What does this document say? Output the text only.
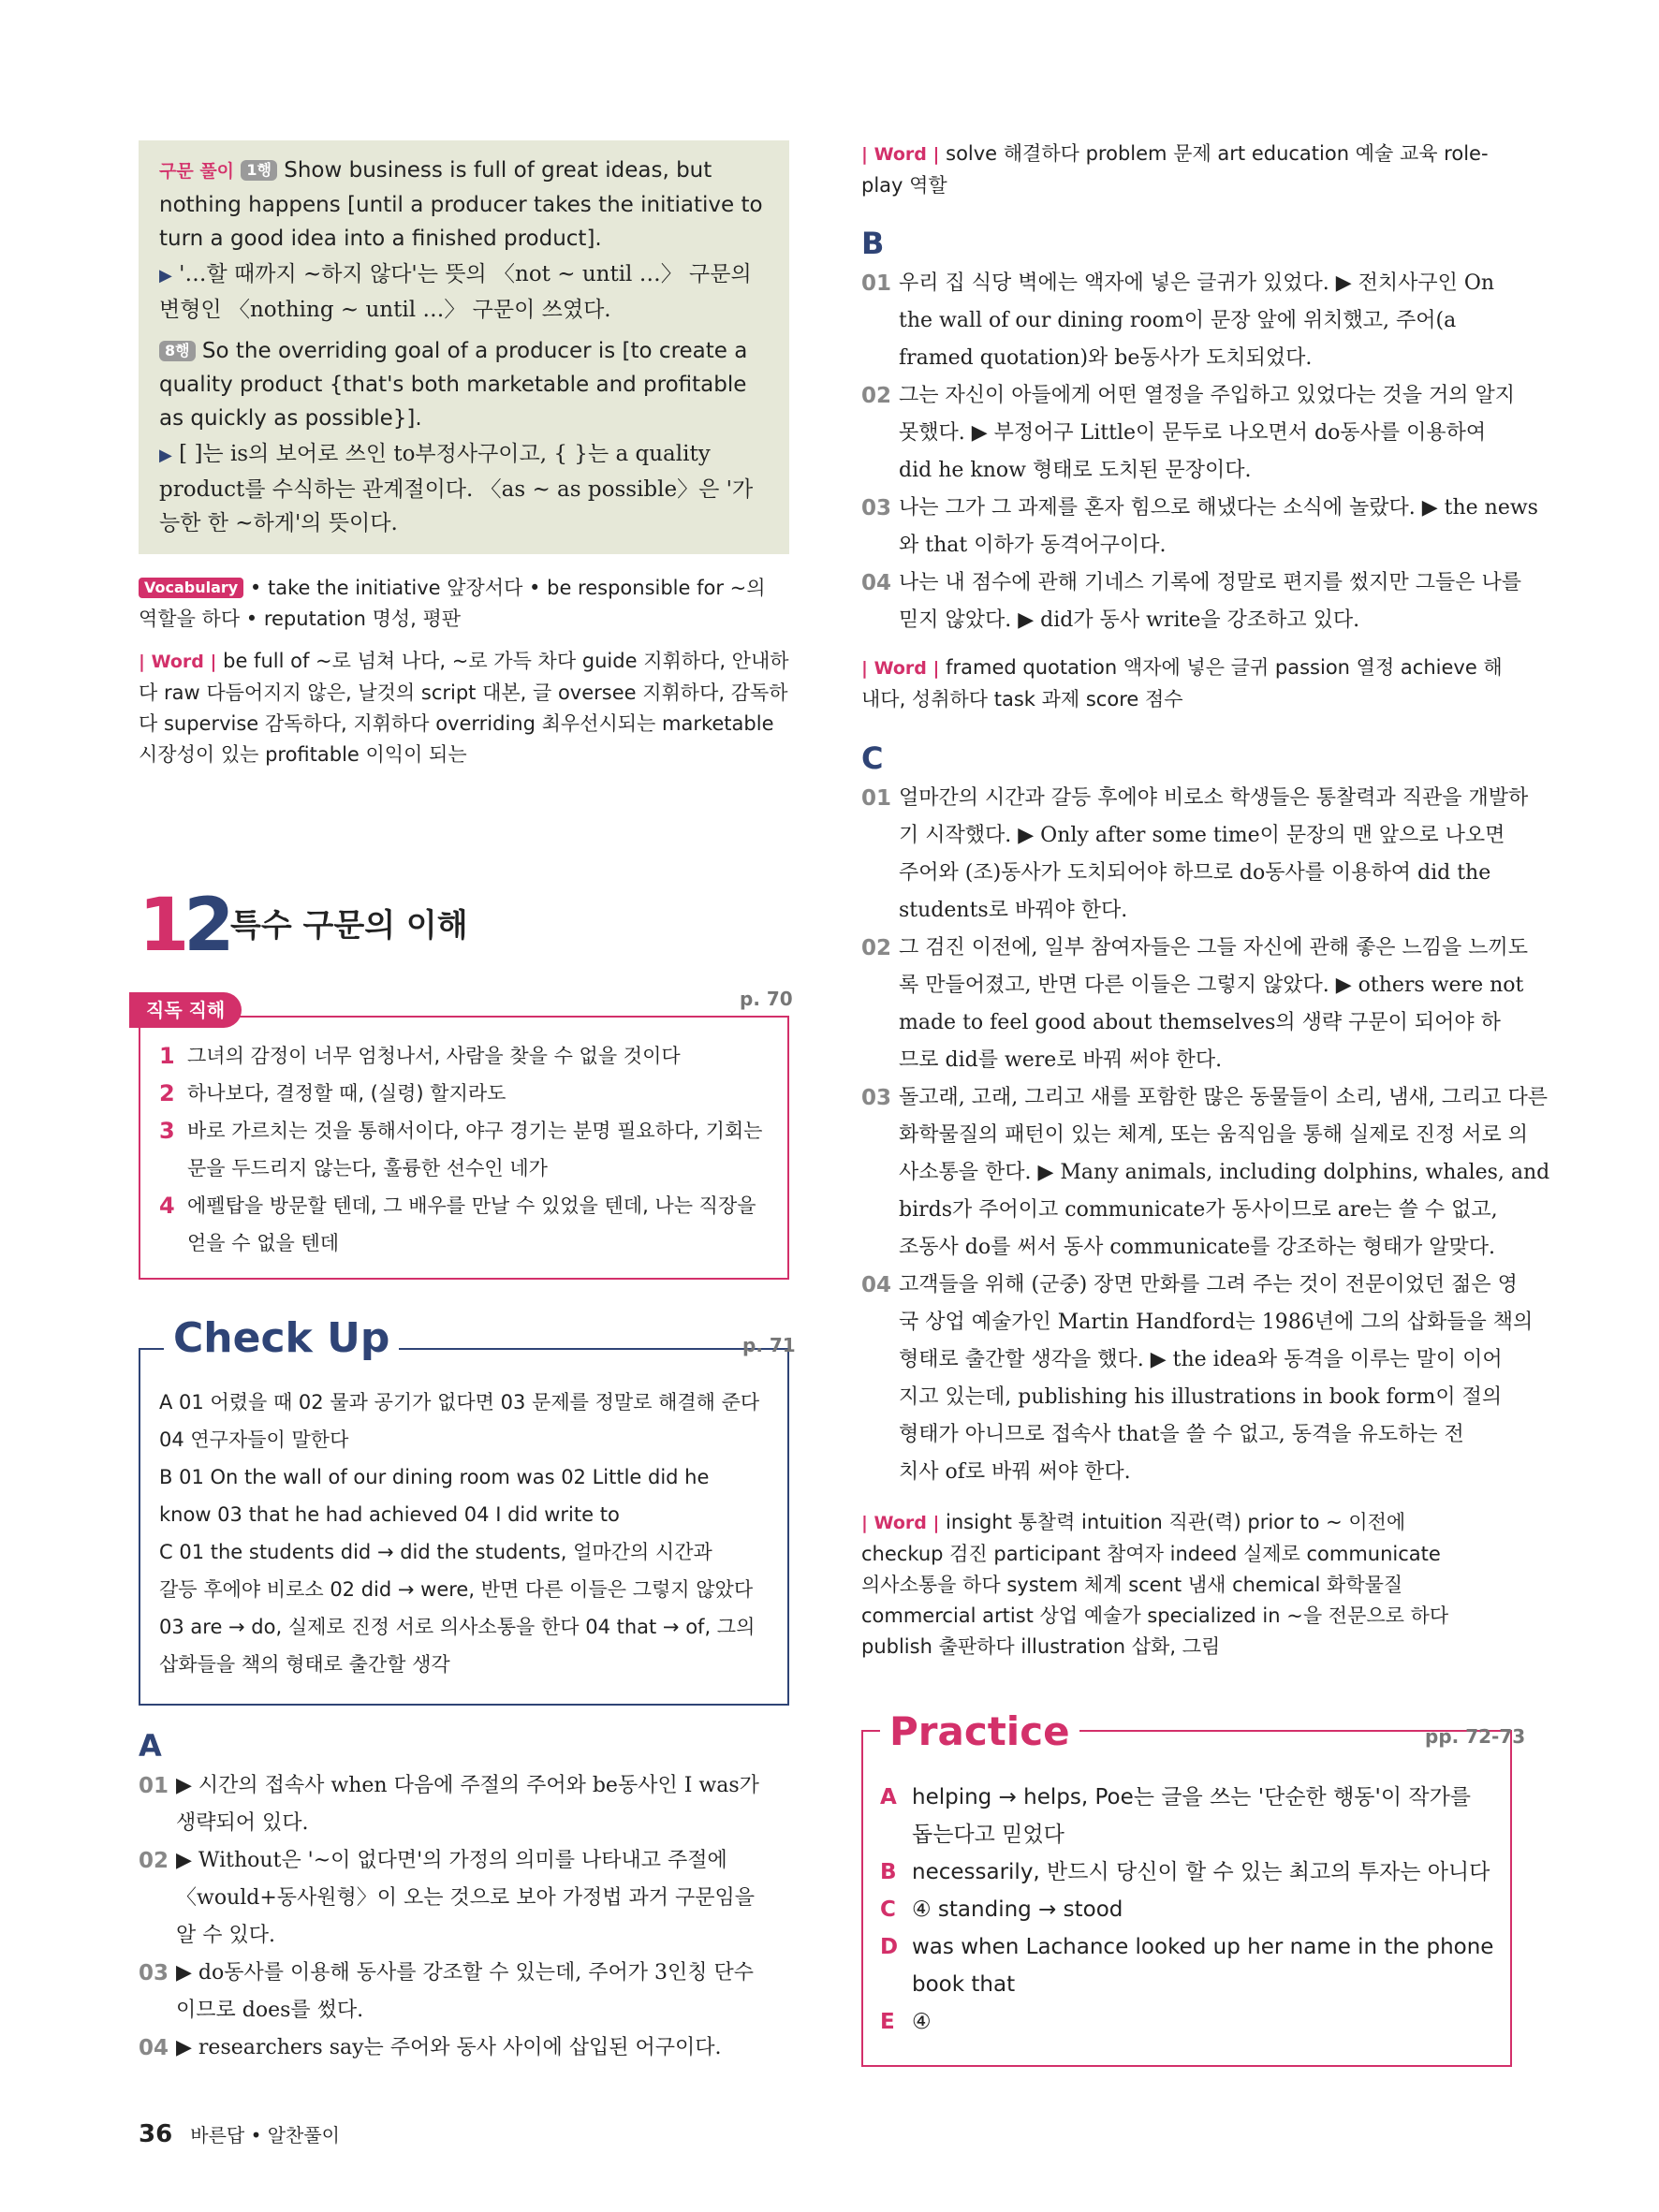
구문 풀이 1행 Show business is full of great ideas, but nothing happens [until a producer takes the initiative to turn a good idea into a finished product].
▶ '…할 때까지 ~하지 않다'는 뜻의 〈not ~ until …〉 구문의 변형인 〈nothing ~ until …〉 구문이 쓰였다.
8행 So the overriding goal of a producer is [to create a quality product {that's both marketable and profitable as quickly as possible}].
▶ [ ]는 is의 보어로 쓰인 to부정사구이고, { }는 a quality product를 수식하는 관계절이다. 〈as ~ as possible〉은 '가능한 한 ~하게'의 뜻이다.
Vocabulary • take the initiative 앞장서다 • be responsible for ~의 역할을 하다 • reputation 명성, 평판
| Word | be full of ~로 넘쳐 나다, ~로 가득 차다 guide 지휘하다, 안내하다 raw 다듬어지지 않은, 날것의 script 대본, 글 oversee 지휘하다, 감독하다 supervise 감독하다, 지휘하다 overriding 최우선시되는 marketable 시장성이 있는 profitable 이익이 되는
12 특수 구문의 이해
직독 직해	p. 70
1 그녀의 감정이 너무 엄청나서, 사람을 찾을 수 없을 것이다
2 하나보다, 결정할 때, (실령) 할지라도
3 바로 가르치는 것을 통해서이다, 야구 경기는 분명 필요하다, 기회는 문을 두드리지 않는다, 훌륭한 선수인 네가
4 에펠탑을 방문할 텐데, 그 배우를 만날 수 있었을 텐데, 나는 직장을 얻을 수 없을 텐데
Check Up	p. 71
A 01 어렸을 때 02 물과 공기가 없다면 03 문제를 정말로 해결해 준다
04 연구자들이 말한다
B 01 On the wall of our dining room was 02 Little did he
know 03 that he had achieved 04 I did write to
C 01 the students did → did the students, 얼마간의 시간과
갈등 후에야 비로소 02 did → were, 반면 다른 이들은 그렇지 않았다
03 are → do, 실제로 진정 서로 의사소통을 한다 04 that → of, 그의
삽화들을 책의 형태로 출간할 생각
A
01 ▶ 시간의 접속사 when 다음에 주절의 주어와 be동사인 I was가
생략되어 있다.
02 ▶ Without은 '~이 없다면'의 가정의 의미를 나타내고 주절에
〈would+동사원형〉이 오는 것으로 보아 가정법 과거 구문임을
알 수 있다.
03 ▶ do동사를 이용해 동사를 강조할 수 있는데, 주어가 3인칭 단수
이므로 does를 썼다.
04 ▶ researchers say는 주어와 동사 사이에 삽입된 어구이다.
36 바른답 • 알찬풀이
| Word | solve 해결하다 problem 문제 art education 예술 교육 role-play 역할
B
01 우리 집 식당 벽에는 액자에 넣은 글귀가 있었다. ▶ 전치사구인 On
the wall of our dining room이 문장 앞에 위치했고, 주어(a
framed quotation)와 be동사가 도치되었다.
02 그는 자신이 아들에게 어떤 열정을 주입하고 있었다는 것을 거의 알지
못했다. ▶ 부정어구 Little이 문두로 나오면서 do동사를 이용하여
did he know 형태로 도치된 문장이다.
03 나는 그가 그 과제를 혼자 힘으로 해냈다는 소식에 놀랐다. ▶ the news
와 that 이하가 동격어구이다.
04 나는 내 점수에 관해 기네스 기록에 정말로 편지를 썼지만 그들은 나를
믿지 않았다. ▶ did가 동사 write을 강조하고 있다.
| Word | framed quotation 액자에 넣은 글귀 passion 열정 achieve 해내다, 성취하다 task 과제 score 점수
C
01 얼마간의 시간과 갈등 후에야 비로소 학생들은 통찰력과 직관을 개발하
기 시작했다. ▶ Only after some time이 문장의 맨 앞으로 나오면
주어와 (조)동사가 도치되어야 하므로 do동사를 이용하여 did the
students로 바꿔야 한다.
02 그 검진 이전에, 일부 참여자들은 그들 자신에 관해 좋은 느낌을 느끼도
록 만들어졌고, 반면 다른 이들은 그렇지 않았다. ▶ others were not
made to feel good about themselves의 생략 구문이 되어야 하
므로 did를 were로 바꿔 써야 한다.
03 돌고래, 고래, 그리고 새를 포함한 많은 동물들이 소리, 냄새, 그리고 다른
화학물질의 패턴이 있는 체계, 또는 움직임을 통해 실제로 진정 서로 의
사소통을 한다. ▶ Many animals, including dolphins, whales, and
birds가 주어이고 communicate가 동사이므로 are는 쓸 수 없고,
조동사 do를 써서 동사 communicate를 강조하는 형태가 알맞다.
04 고객들을 위해 (군중) 장면 만화를 그려 주는 것이 전문이었던 젊은 영
국 상업 예술가인 Martin Handford는 1986년에 그의 삽화들을 책의
형태로 출간할 생각을 했다. ▶ the idea와 동격을 이루는 말이 이어
지고 있는데, publishing his illustrations in book form이 절의
형태가 아니므로 접속사 that을 쓸 수 없고, 동격을 유도하는 전
치사 of로 바꿔 써야 한다.
| Word | insight 통찰력 intuition 직관(력) prior to ~ 이전에
checkup 검진 participant 참여자 indeed 실제로 communicate
의사소통을 하다 system 체계 scent 냄새 chemical 화학물질
commercial artist 상업 예술가 specialized in ~을 전문으로 하다
publish 출판하다 illustration 삽화, 그림
Practice	pp. 72-73
A helping → helps, Poe는 글을 쓰는 '단순한 행동'이 작가를
돕는다고 믿었다
B necessarily, 반드시 당신이 할 수 있는 최고의 투자는 아니다
C ④ standing → stood
D was when Lachance looked up her name in the phone
book that
E ④
